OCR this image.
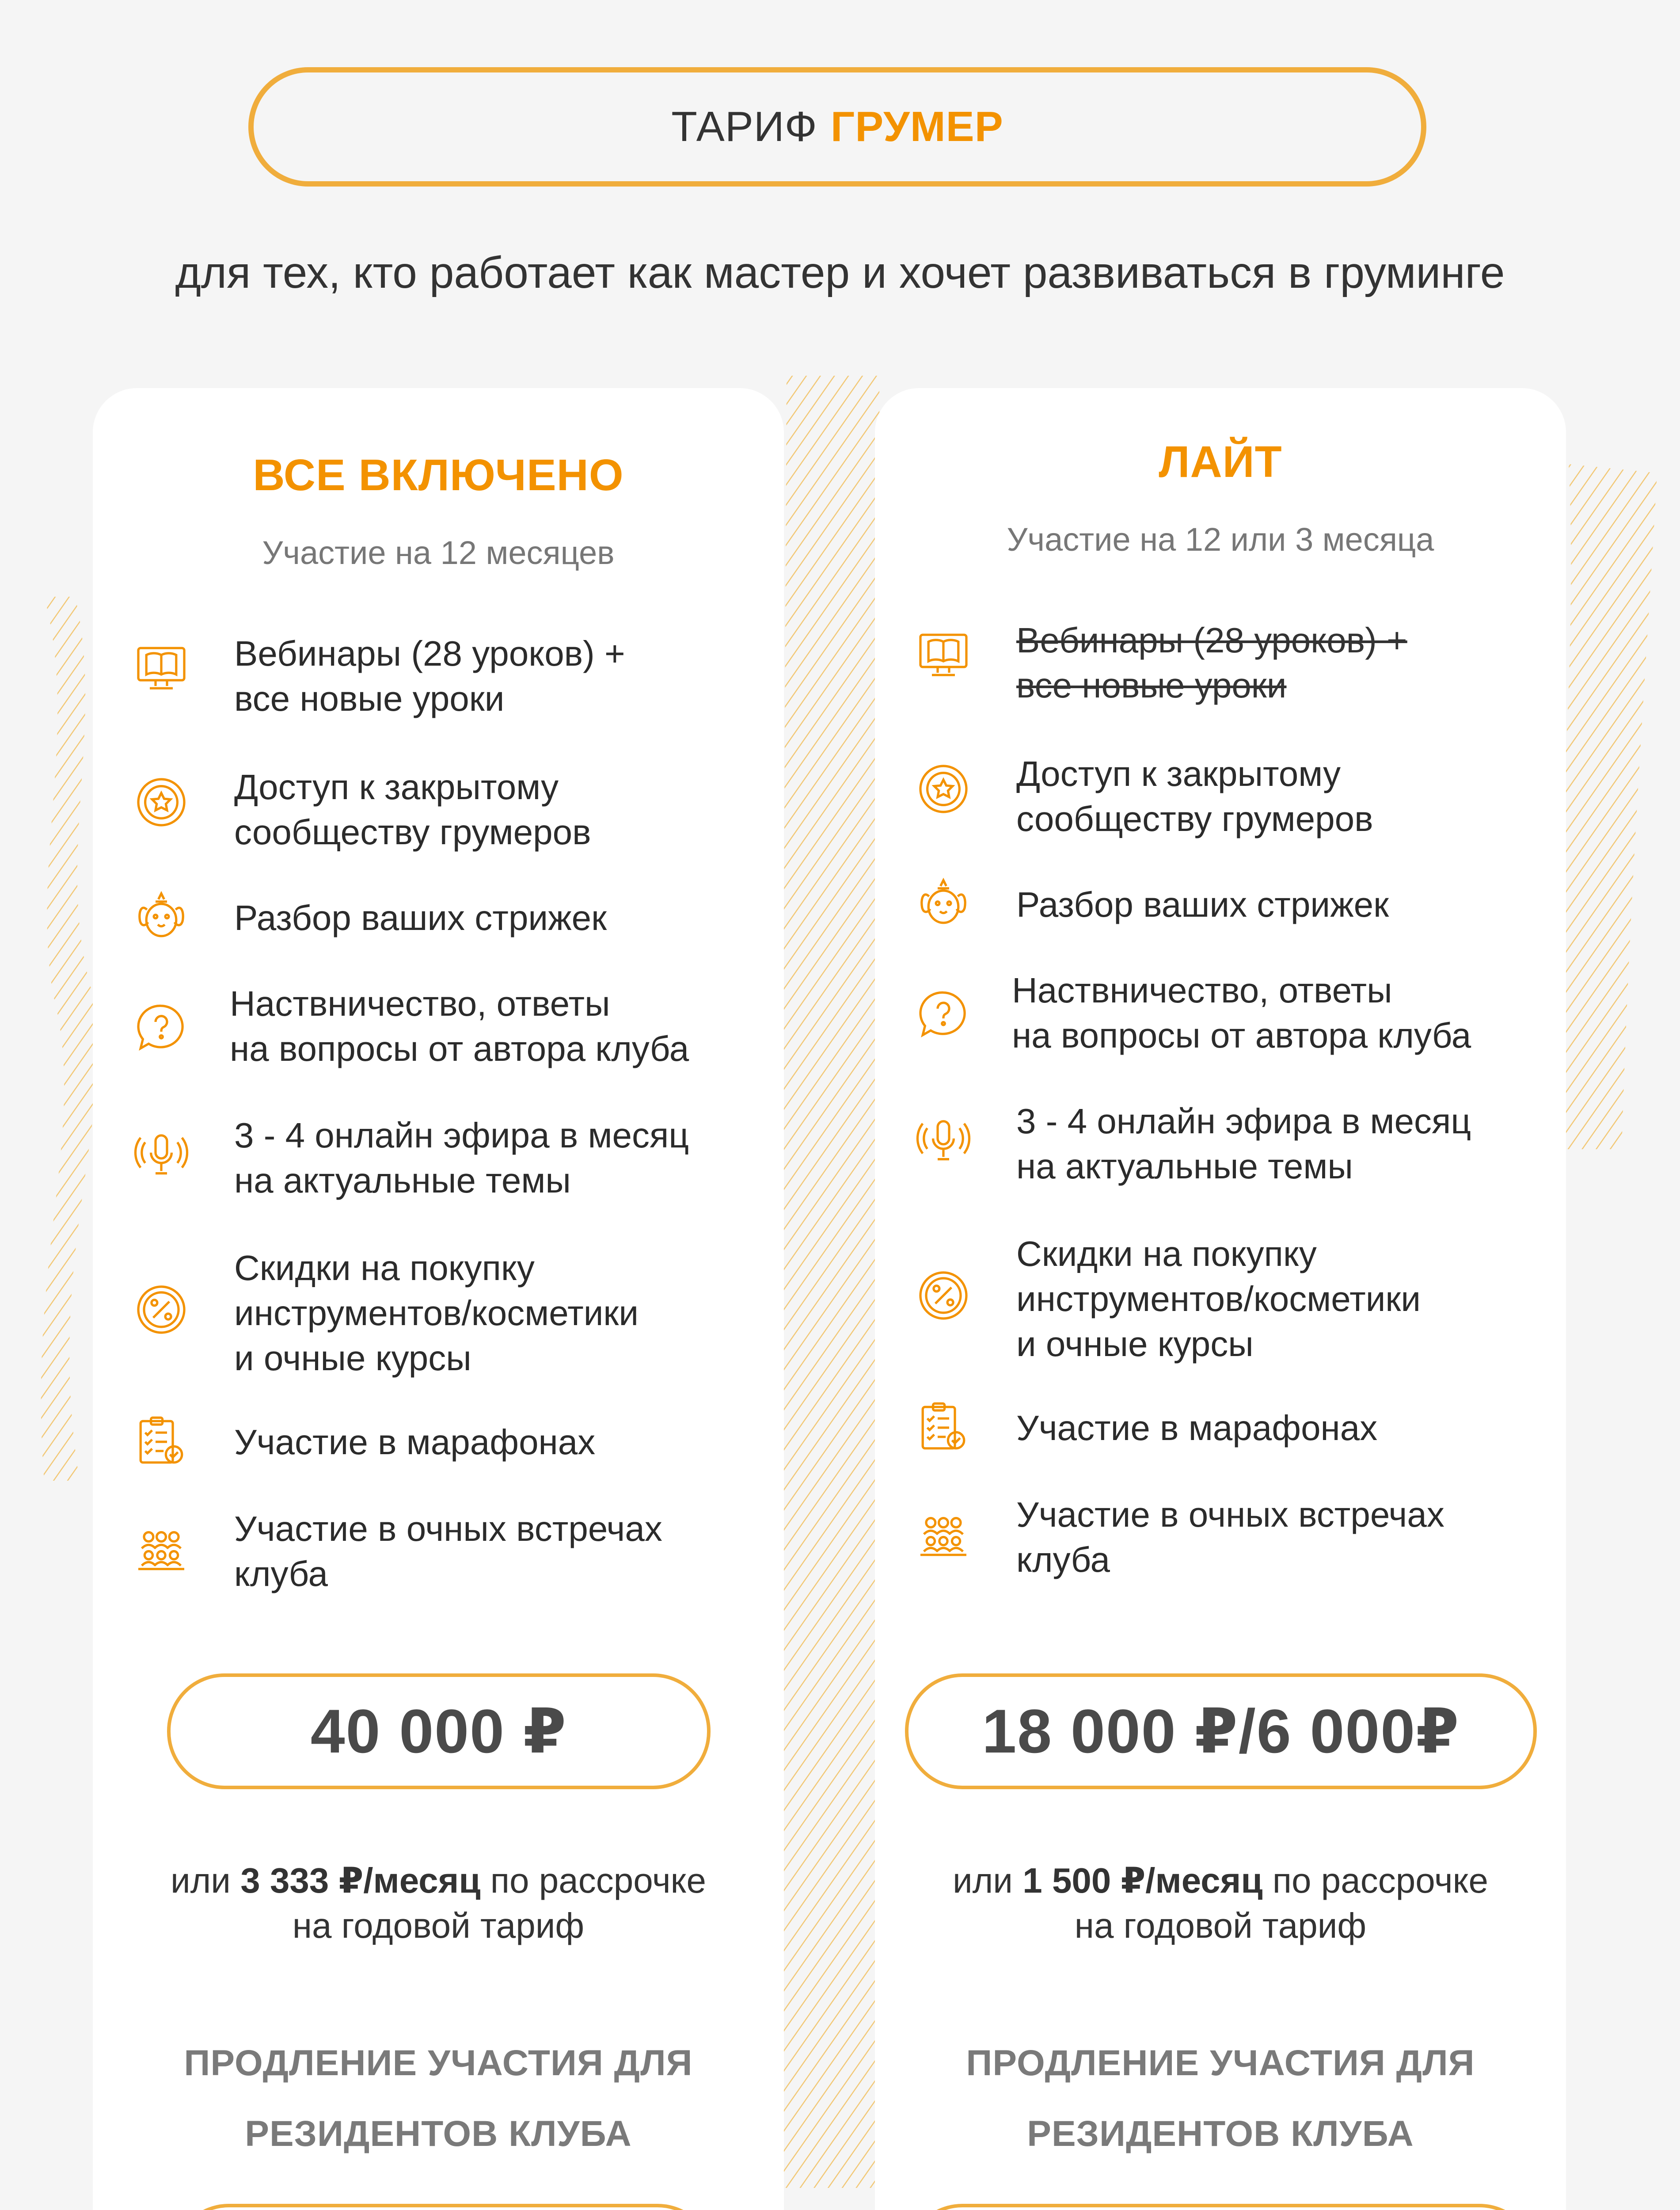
ТАРИФ ГРУМЕР
для тех, кто работает как мастер и хочет развиваться в груминге
ВСЕ ВКЛЮЧЕНО
Участие на 12 месяцев
Вебинары (28 уроков) +
все новые уроки
Доступ к закрытому
сообществу грумеров
Разбор ваших стрижек
Наствничество, ответы
на вопросы от автора клуба
3 - 4 онлайн эфира в месяц
на актуальные темы
Скидки на покупку
инструментов/косметики
и очные курсы
Участие в марафонах
Участие в очных встречах
клуба
40 000 ₽
или 3 333 ₽/месяц по рассрочке
на годовой тариф
ПРОДЛЕНИЕ УЧАСТИЯ ДЛЯ
РЕЗИДЕНТОВ КЛУБА
ЛАЙТ
Участие на 12 или 3 месяца
Вебинары (28 уроков) +
все новые уроки
Доступ к закрытому
сообществу грумеров
Разбор ваших стрижек
Наствничество, ответы
на вопросы от автора клуба
3 - 4 онлайн эфира в месяц
на актуальные темы
Скидки на покупку
инструментов/косметики
и очные курсы
Участие в марафонах
Участие в очных встречах
клуба
18 000 ₽/6 000₽
или 1 500 ₽/месяц по рассрочке
на годовой тариф
ПРОДЛЕНИЕ УЧАСТИЯ ДЛЯ
РЕЗИДЕНТОВ КЛУБА
